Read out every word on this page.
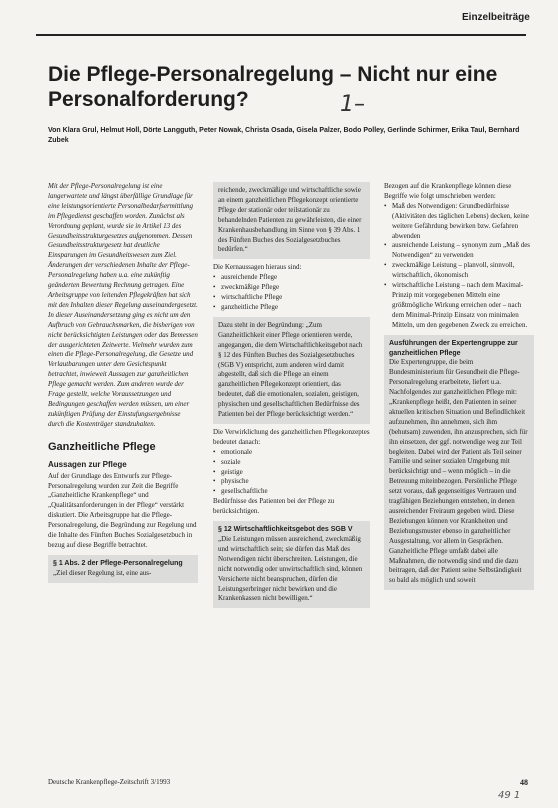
Einzelbeiträge
Die Pflege-Personalregelung – Nicht nur eine
Personalforderung?	1–
Von Klara Grul, Helmut Holl, Dörte Langguth, Peter Nowak, Christa Osada, Gisela Palzer, Bodo Polley, Gerlinde Schirmer, Erika Taul, Bernhard Zubek

Mit der Pflege-Personalregelung ist eine langerwartete und längst überfällige Grundlage für eine leistungsorientierte Personalbedarfsermittlung im Pflegedienst geschaffen worden. Zunächst als Verordnung geplant, wurde sie in Artikel 13 des Gesundheitsstrukturgesetzes aufgenommen. Dessen Gesundheitsstrukturgesetz hat deutliche Einsparungen im Gesundheitswesen zum Ziel. Änderungen der verschiedenen Inhalte der Pflege-Personalregelung haben u.a. eine zukünftig geänderten Bewertung Rechnung getragen. Eine Arbeitsgruppe von leitenden Pflegekräften hat sich mit den Inhalten dieser Regelung auseinandergesetzt. In dieser Auseinandersetzung ging es nicht um den Aufbruch von Gebrauchsmarken, die bisherigen von nicht berücksichtigten Leistungen oder das Bemessen der ausgerichteten Zeitwerte. Vielmehr wurden zum einen die Pflege-Personalregelung, die Gesetze und Verlautbarungen unter dem Gesichtspunkt betrachtet, inwieweit Aussagen zur ganzheitlichen Pflege gemacht werden. Zum anderen wurde der Frage gestellt, welche Voraussetzungen und Bedingungen geschaffen werden müssen, um einer zukünftigen Prüfung der Einstufungsergebnisse durch die Kostenträger standzuhalten.

Ganzheitliche Pflege
Aussagen zur Pflege

Auf der Grundlage des Entwurfs zur Pflege-Personalregelung wurden zur Zeit die Begriffe „Ganzheitliche Krankenpflege“ und „Qualitätsanforderungen in der Pflege“ verstärkt diskutiert. Die Arbeitsgruppe hat die Pflege-Personalregelung, die Begründung zur Regelung und die Inhalte des Fünften Buches Sozialgesetzbuch in bezug auf diese Begriffe betrachtet.

§ 1 Abs. 2 der Pflege-Personalregelung

„Ziel dieser Regelung ist, eine aus-

reichende, zweckmäßige und wirtschaftliche sowie an einem ganzheitlichen Pflegekonzept orientierte Pflege der stationär oder teilstationär zu behandelnden Patienten zu gewährleisten, die einer Krankenhausbehandlung im Sinne von § 39 Abs. 1 des Fünften Buches des Sozialgesetzbuches bedürfen.“

Die Kernaussagen hieraus sind:

• ausreichende Pflege
• zweckmäßige Pflege
• wirtschaftliche Pflege
• ganzheitliche Pflege

Dazu steht in der Begründung: „Zum Ganzheitlichkeit einer Pflege orientieren werde, angegangen, die dem Wirtschaftlichkeitsgebot nach § 12 des Fünften Buches des Sozialgesetzbuches (SGB V) entspricht, zum anderen wird damit abgestellt, daß sich die Pflege an einem ganzheitlichen Pflegekonzept orientiert, das bedeutet, daß die emotionalen, sozialen, geistigen, physischen und gesellschaftlichen Bedürfnisse des Patienten bei der Pflege berücksichtigt werden.“

Die Verwirklichung des ganzheitlichen Pflegekonzeptes bedeutet danach:

• emotionale
• soziale
• geistige
• physische
• gesellschaftliche

Bedürfnisse des Patienten bei der Pflege zu berücksichtigen.

§ 12 Wirtschaftlichkeitsgebot des SGB V

„Die Leistungen müssen ausreichend, zweckmäßig und wirtschaftlich sein; sie dürfen das Maß des Notwendigen nicht überschreiten. Leistungen, die nicht notwendig oder unwirtschaftlich sind, können Versicherte nicht beanspruchen, dürfen die Leistungserbringer nicht bewirken und die Krankenkassen nicht bewilligen.“

Bezogen auf die Krankenpflege können diese Begriffe wie folgt umschrieben werden:

• Maß des Notwendigen: Grundbedürfnisse (Aktivitäten des täglichen Lebens) decken, keine weitere Gefährdung bewirken bzw. Gefahren abwenden
• ausreichende Leistung – synonym zum „Maß des Notwendigen“ zu verwenden
• zweckmäßige Leistung – planvoll, sinnvoll, wirtschaftlich, ökonomisch
• wirtschaftliche Leistung – nach dem Maximal-Prinzip mit vorgegebenen Mitteln eine größtmögliche Wirkung erreichen oder – nach dem Minimal-Prinzip Einsatz von minimalen Mitteln, um den gegebenen Zweck zu erreichen.
Ausführungen der Expertengruppe zur ganzheitlichen Pflege

Die Expertengruppe, die beim Bundesministerium für Gesundheit die Pflege-Personalregelung erarbeitete, liefert u.a. Nachfolgendes zur ganzheitlichen Pflege mit: „Krankenpflege heißt, den Patienten in seiner aktuellen kritischen Situation und Befindlichkeit aufzunehmen, ihn annehmen, sich ihm (behutsam) zuwenden, ihn anzusprechen, sich für ihn einsetzen, der ggf. notwendige weg zur Teil begleiten. Dabei wird der Patient als Teil seiner Familie und seiner sozialen Umgebung mit berücksichtigt und – wenn möglich – in die Betreuung miteinbezogen. Persönliche Pflege setzt voraus, daß gegenseitiges Vertrauen und tragfähigen Beziehungen entstehen, in denen ausreichender Freiraum gegeben wird. Diese Beziehungen können vor Krankheiten und Beziehungsmuster ebenso in ganzheitlicher Ausgestaltung, vor allem in Gesprächen. Ganzheitliche Pflege umfaßt dabei alle Maßnahmen, die notwendig sind und die dazu beitragen, daß der Patient seine Selbständigkeit so bald als möglich und soweit

Deutsche Krankenpflege-Zeitschrift 3/1993	48
49 1
